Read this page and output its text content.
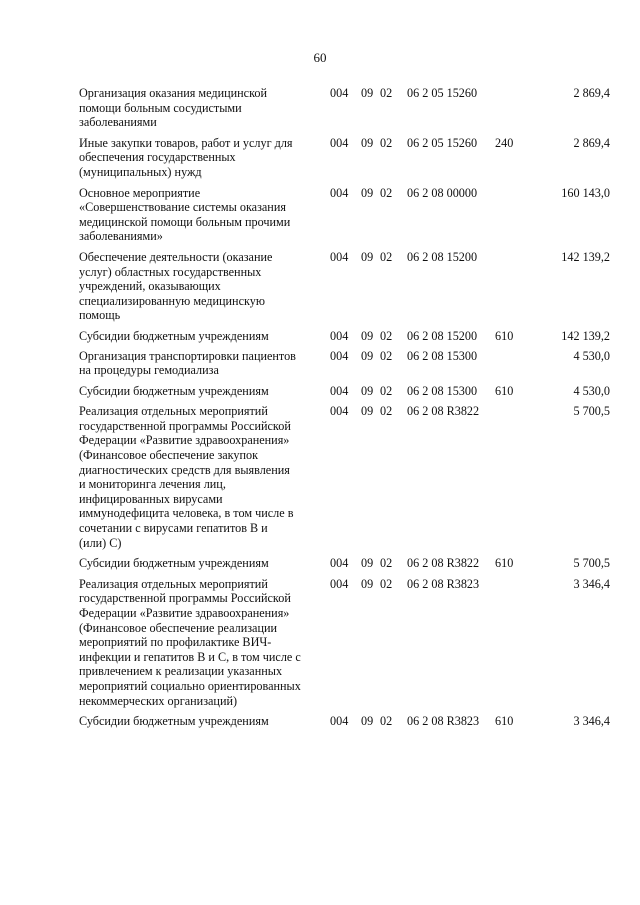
60
Организация оказания медицинской помощи больным сосудистыми заболеваниями
004 09 02 06 2 05 15260	2 869,4
Иные закупки товаров, работ и услуг для обеспечения государственных (муниципальных) нужд
004 09 02 06 2 05 15260 240	2 869,4
Основное мероприятие «Совершенствование системы оказания медицинской помощи больным прочими заболеваниями»
004 09 02 06 2 08 00000	160 143,0
Обеспечение деятельности (оказание услуг) областных государственных учреждений, оказывающих специализированную медицинскую помощь
004 09 02 06 2 08 15200	142 139,2
Субсидии бюджетным учреждениям	004 09 02 06 2 08 15200 610	142 139,2
Организация транспортировки пациентов на процедуры гемодиализа
004 09 02 06 2 08 15300	4 530,0
Субсидии бюджетным учреждениям	004 09 02 06 2 08 15300 610	4 530,0
Реализация отдельных мероприятий государственной программы Российской Федерации «Развитие здравоохранения» (Финансовое обеспечение закупок диагностических средств для выявления и мониторинга лечения лиц, инфицированных вирусами иммунодефицита человека, в том числе в сочетании с вирусами гепатитов В и (или) С)
004 09 02 06 2 08 R3822	5 700,5
Субсидии бюджетным учреждениям	004 09 02 06 2 08 R3822 610	5 700,5
Реализация отдельных мероприятий государственной программы Российской Федерации «Развитие здравоохранения» (Финансовое обеспечение реализации мероприятий по профилактике ВИЧ-инфекции и гепатитов В и С, в том числе с привлечением к реализации указанных мероприятий социально ориентированных некоммерческих организаций)
004 09 02 06 2 08 R3823	3 346,4
Субсидии бюджетным учреждениям	004 09 02 06 2 08 R3823 610	3 346,4
